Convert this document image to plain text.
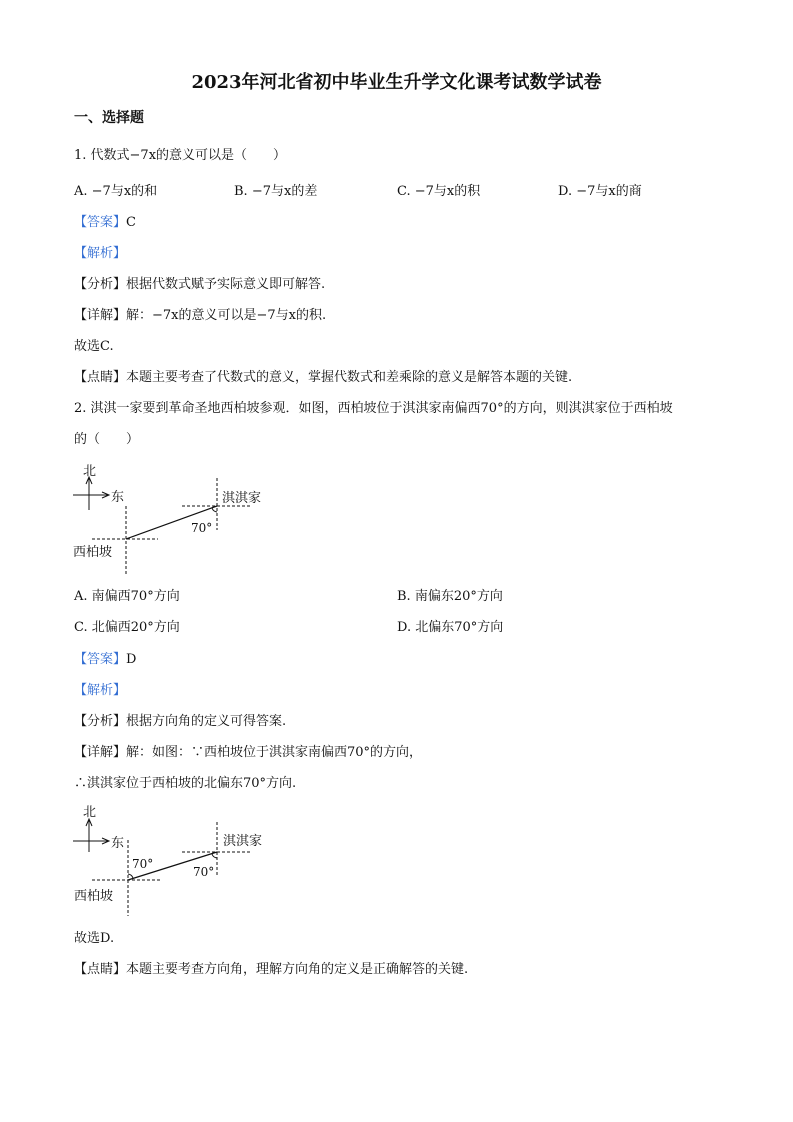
2023年河北省初中毕业生升学文化课考试数学试卷
一、选择题
1. 代数式−7x的意义可以是（　　）
A. −7与x的和	B. −7与x的差	C. −7与x的积	D. −7与x的商
【答案】C
【解析】
【分析】根据代数式赋予实际意义即可解答.
【详解】解：−7x的意义可以是−7与x的积.
故选C.
【点睛】本题主要考查了代数式的意义，掌握代数式和差乘除的意义是解答本题的关键.
2. 淇淇一家要到革命圣地西柏坡参观．如图，西柏坡位于淇淇家南偏西70°的方向，则淇淇家位于西柏坡
的（　　）
北
东	淇淇家
西柏坡
70°
A. 南偏西70°方向	B. 南偏东20°方向
C. 北偏西20°方向	D. 北偏东70°方向
【答案】D
【解析】
【分析】根据方向角的定义可得答案.
【详解】解：如图：∵西柏坡位于淇淇家南偏西70°的方向，
∴淇淇家位于西柏坡的北偏东70°方向.
北
东	淇淇家
西柏坡
70°
70°
故选D.
【点睛】本题主要考查方向角，理解方向角的定义是正确解答的关键.
